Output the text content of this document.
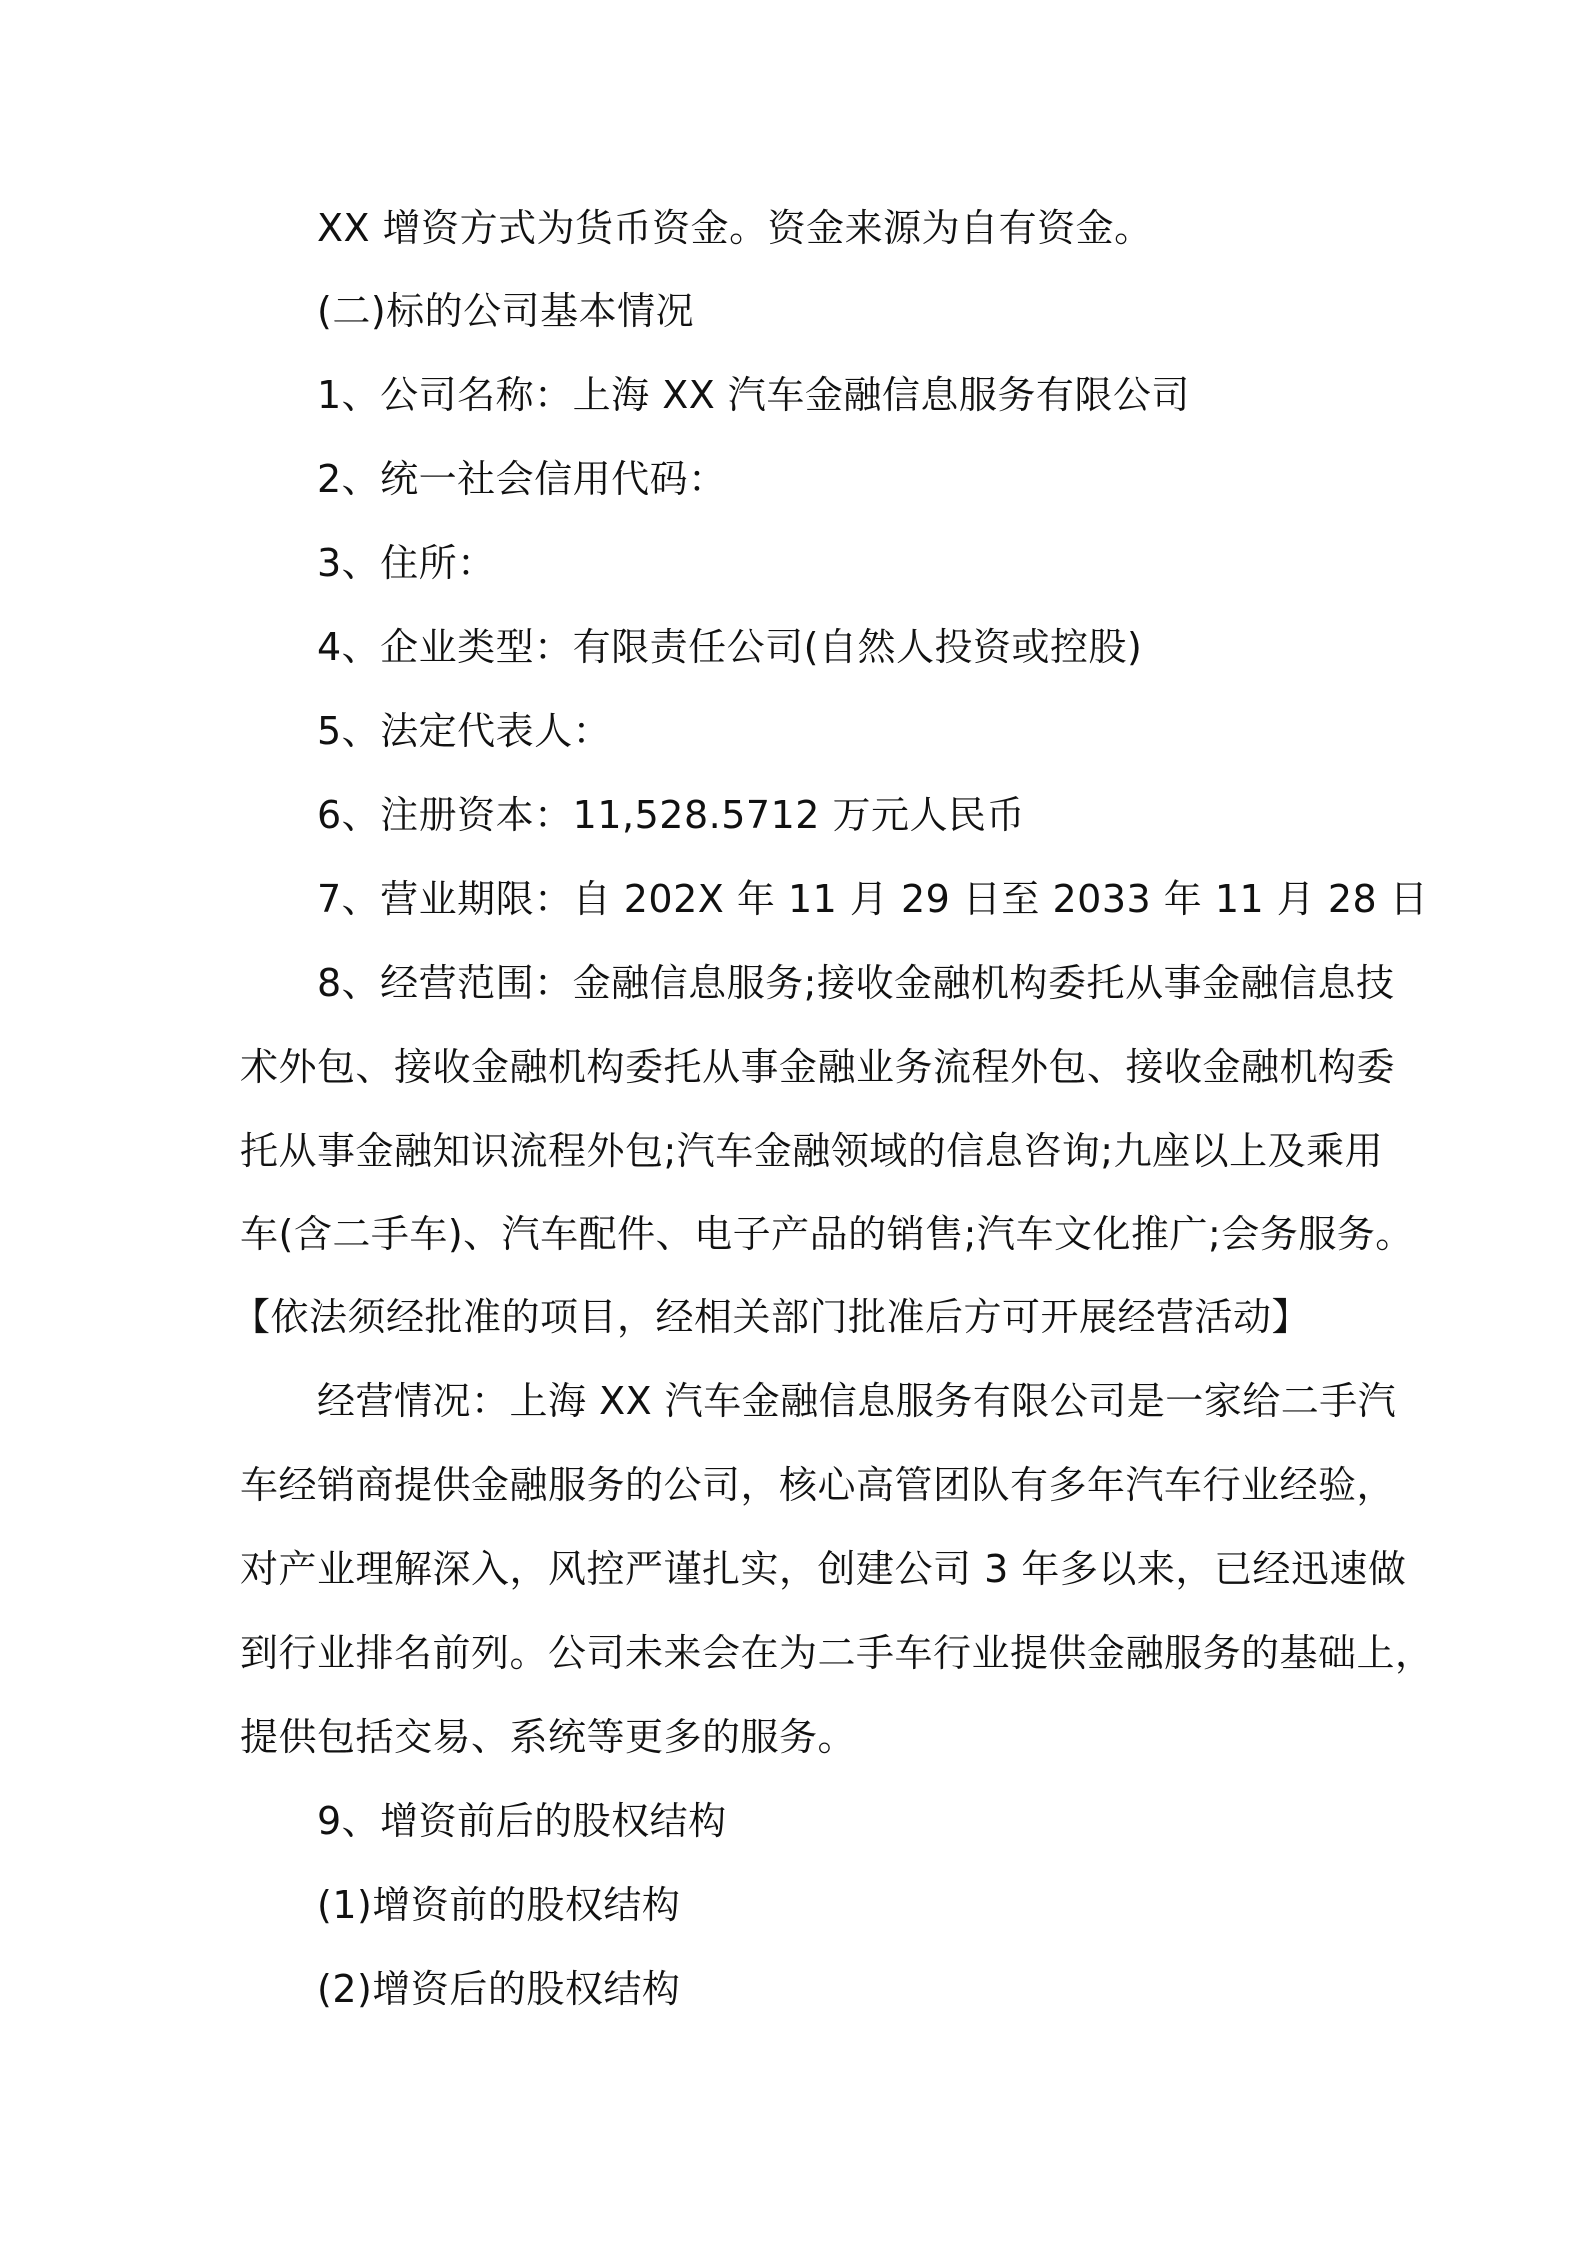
XX 增资方式为货币资金。资金来源为自有资金。
(二)标的公司基本情况
1、公司名称：上海 XX 汽车金融信息服务有限公司
2、统一社会信用代码：
3、住所：
4、企业类型：有限责任公司(自然人投资或控股)
5、法定代表人：
6、注册资本：11,528.5712 万元人民币
7、营业期限：自 202X 年 11 月 29 日至 2033 年 11 月 28 日
8、经营范围：金融信息服务;接收金融机构委托从事金融信息技
术外包、接收金融机构委托从事金融业务流程外包、接收金融机构委
托从事金融知识流程外包;汽车金融领域的信息咨询;九座以上及乘用
车(含二手车)、汽车配件、电子产品的销售;汽车文化推广;会务服务。
【依法须经批准的项目，经相关部门批准后方可开展经营活动】
经营情况：上海 XX 汽车金融信息服务有限公司是一家给二手汽
车经销商提供金融服务的公司，核心高管团队有多年汽车行业经验，
对产业理解深入，风控严谨扎实，创建公司 3 年多以来，已经迅速做
到行业排名前列。公司未来会在为二手车行业提供金融服务的基础上，
提供包括交易、系统等更多的服务。
9、增资前后的股权结构
(1)增资前的股权结构
(2)增资后的股权结构
